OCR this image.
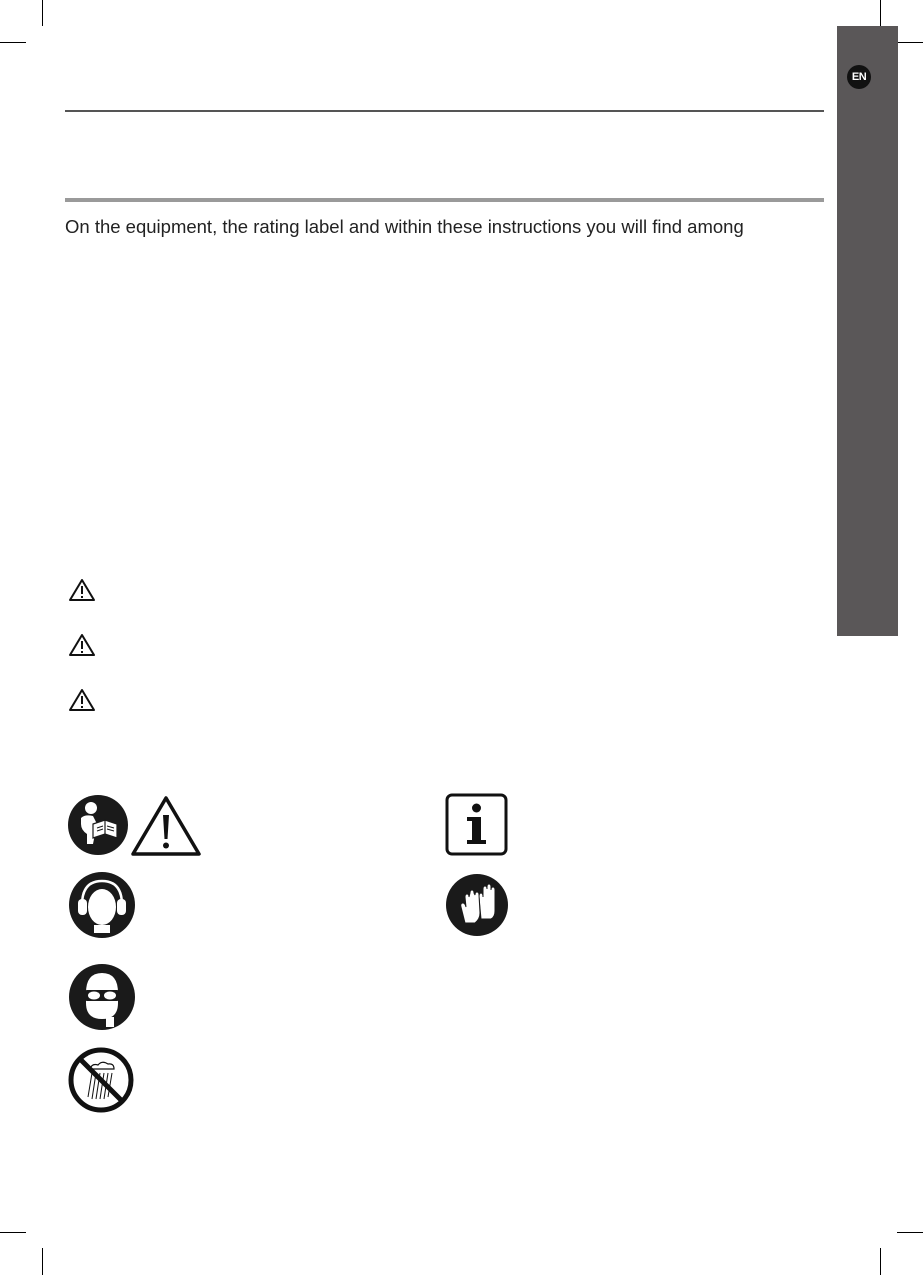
EN
On the equipment, the rating label and within these instructions you will find among
